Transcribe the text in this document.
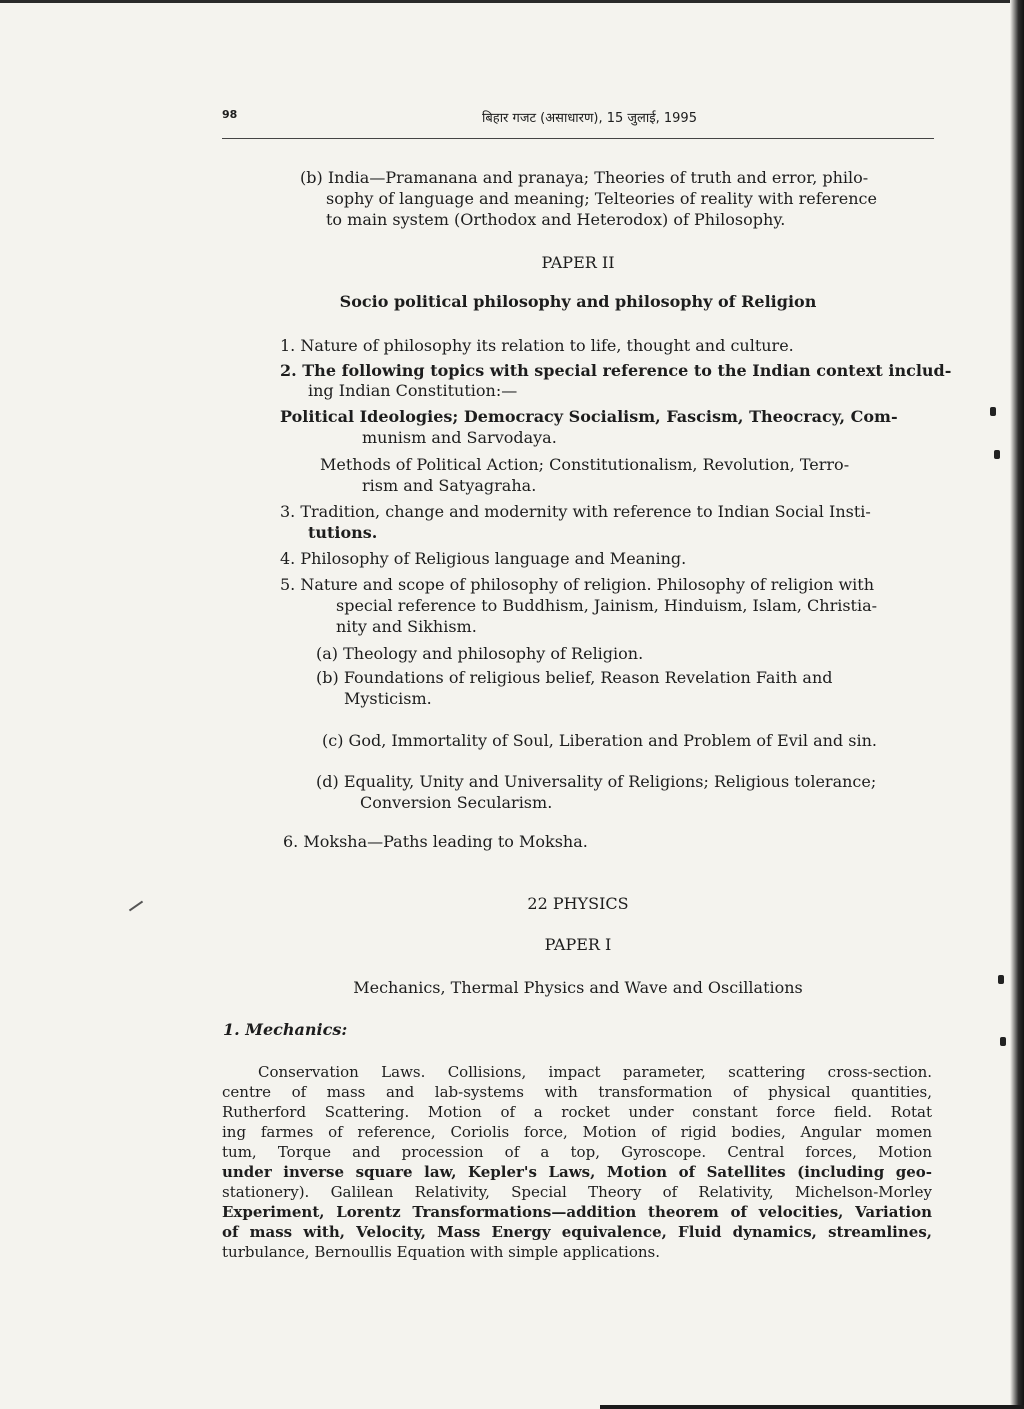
98	बिहार गजट (असाधारण), 15 जुलाई, 1995
(b) India—Pramanana and pranaya; Theories of truth and error, philo-
sophy of language and meaning; Telteories of reality with reference
to main system (Orthodox and Heterodox) of Philosophy.
PAPER II
Socio political philosophy and philosophy of Religion
1. Nature of philosophy its relation to life, thought and culture.
2. The following topics with special reference to the Indian context includ-
ing Indian Constitution:—
Political Ideologies; Democracy Socialism, Fascism, Theocracy, Com-
munism and Sarvodaya.
Methods of Political Action; Constitutionalism, Revolution, Terro-
rism and Satyagraha.
3. Tradition, change and modernity with reference to Indian Social Insti-
tutions.
4. Philosophy of Religious language and Meaning.
5. Nature and scope of philosophy of religion. Philosophy of religion with
special reference to Buddhism, Jainism, Hinduism, Islam, Christia-
nity and Sikhism.
(a) Theology and philosophy of Religion.
(b) Foundations of religious belief, Reason Revelation Faith and
Mysticism.
(c) God, Immortality of Soul, Liberation and Problem of Evil and sin.
(d) Equality, Unity and Universality of Religions; Religious tolerance;
Conversion Secularism.
6. Moksha—Paths leading to Moksha.
22 PHYSICS
PAPER I
Mechanics, Thermal Physics and Wave and Oscillations
1. Mechanics:
Conservation Laws. Collisions, impact parameter, scattering cross-section.
centre of mass and lab-systems with transformation of physical quantities,
Rutherford Scattering. Motion of a rocket under constant force field. Rotat
ing farmes of reference, Coriolis force, Motion of rigid bodies, Angular momen
tum, Torque and procession of a top, Gyroscope. Central forces, Motion
under inverse square law, Kepler's Laws, Motion of Satellites (including geo-
stationery). Galilean Relativity, Special Theory of Relativity, Michelson-Morley
Experiment, Lorentz Transformations—addition theorem of velocities, Variation
of mass with, Velocity, Mass Energy equivalence, Fluid dynamics, streamlines,
turbulance, Bernoullis Equation with simple applications.
